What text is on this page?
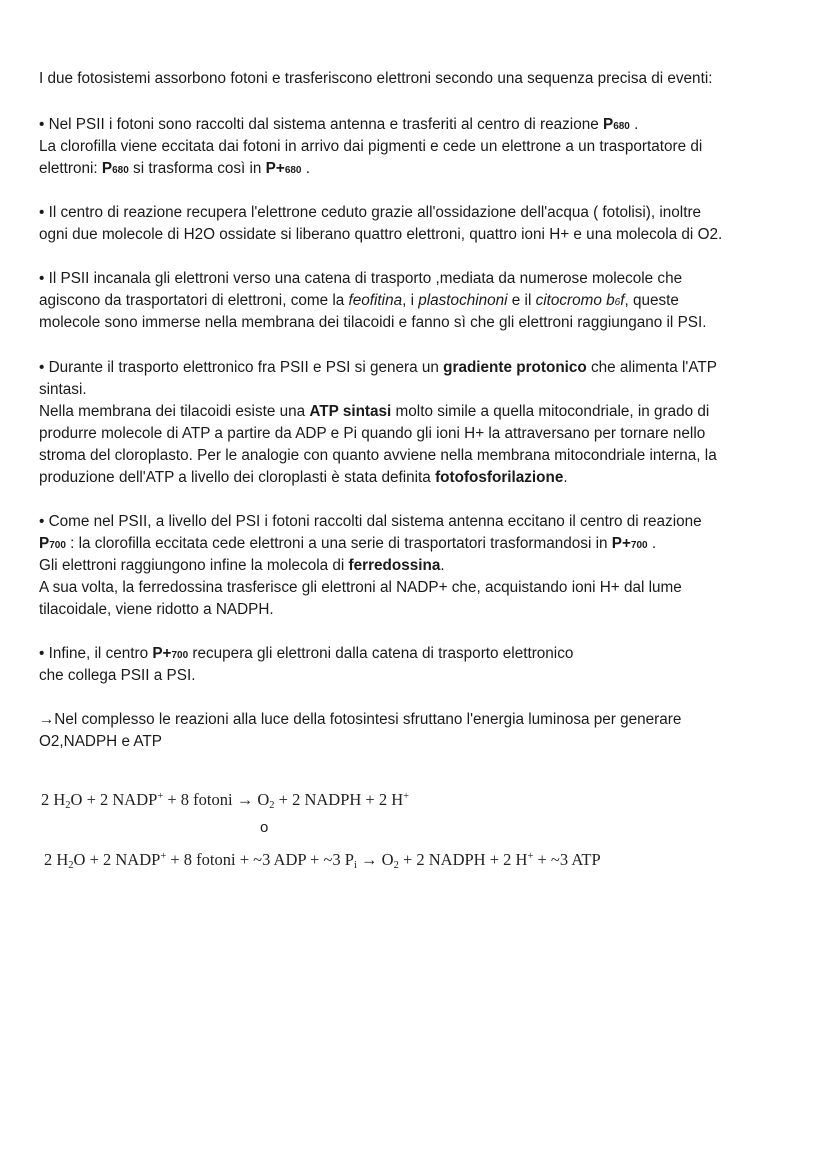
I due fotosistemi assorbono fotoni e trasferiscono elettroni secondo una sequenza precisa di eventi:
• Nel PSII i fotoni sono raccolti dal sistema antenna e trasferiti al centro di reazione P680 .
La clorofilla viene eccitata dai fotoni in arrivo dai pigmenti e cede un elettrone a un trasportatore di
elettroni: P680 si trasforma così in P+680 .
• Il centro di reazione recupera l'elettrone ceduto grazie all'ossidazione dell'acqua ( fotolisi), inoltre
ogni due molecole di H2O ossidate si liberano quattro elettroni, quattro ioni H+ e una molecola di O2.
• Il PSII incanala gli elettroni verso una catena di trasporto ,mediata da numerose molecole che
agiscono da trasportatori di elettroni, come la feofitina, i plastochinoni e il citocromo b6f, queste
molecole sono immerse nella membrana dei tilacoidi e fanno sì che gli elettroni raggiungano il PSI.
• Durante il trasporto elettronico fra PSII e PSI si genera un gradiente protonico che alimenta l'ATP
sintasi.
Nella membrana dei tilacoidi esiste una ATP sintasi molto simile a quella mitocondriale, in grado di
produrre molecole di ATP a partire da ADP e Pi quando gli ioni H+ la attraversano per tornare nello
stroma del cloroplasto. Per le analogie con quanto avviene nella membrana mitocondriale interna, la
produzione dell'ATP a livello dei cloroplasti è stata definita fotofosforilazione.
• Come nel PSII, a livello del PSI i fotoni raccolti dal sistema antenna eccitano il centro di reazione
P700 : la clorofilla eccitata cede elettroni a una serie di trasportatori trasformandosi in P+700 .
Gli elettroni raggiungono infine la molecola di ferredossina.
A sua volta, la ferredossina trasferisce gli elettroni al NADP+ che, acquistando ioni H+ dal lume
tilacoidale, viene ridotto a NADPH.
• Infine, il centro P+700 recupera gli elettroni dalla catena di trasporto elettronico
che collega PSII a PSI.
→Nel complesso le reazioni alla luce della fotosintesi sfruttano l'energia luminosa per generare
O2,NADPH e ATP
2 $H_2O + 2$ NADP+ + 8 fotoni → $O_2 + 2$ NADPH + 2 H+
o
2 $H_2O + 2$ NADP+ + 8 fotoni + ~3 ADP + ~3 $P_i \to O_2 + 2$ NADPH + 2 H+ + ~3 ATP
